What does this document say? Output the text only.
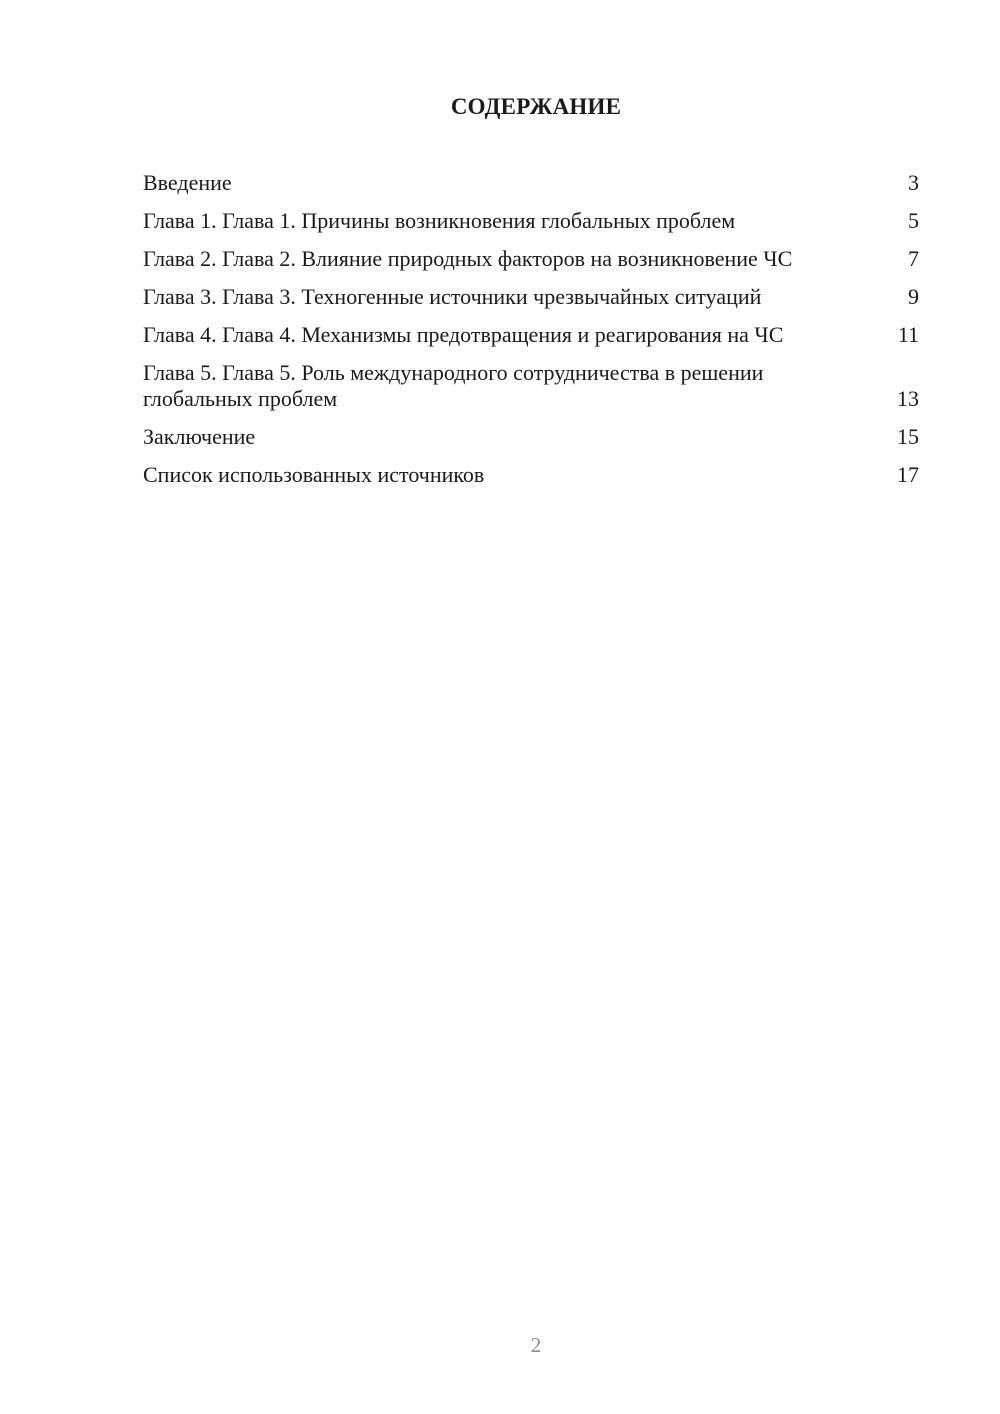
СОДЕРЖАНИЕ
Введение	3
Глава 1. Глава 1. Причины возникновения глобальных проблем	5
Глава 2. Глава 2. Влияние природных факторов на возникновение ЧС	7
Глава 3. Глава 3. Техногенные источники чрезвычайных ситуаций	9
Глава 4. Глава 4. Механизмы предотвращения и реагирования на ЧС	11
Глава 5. Глава 5. Роль международного сотрудничества в решении глобальных проблем	13
Заключение	15
Список использованных источников	17
2
